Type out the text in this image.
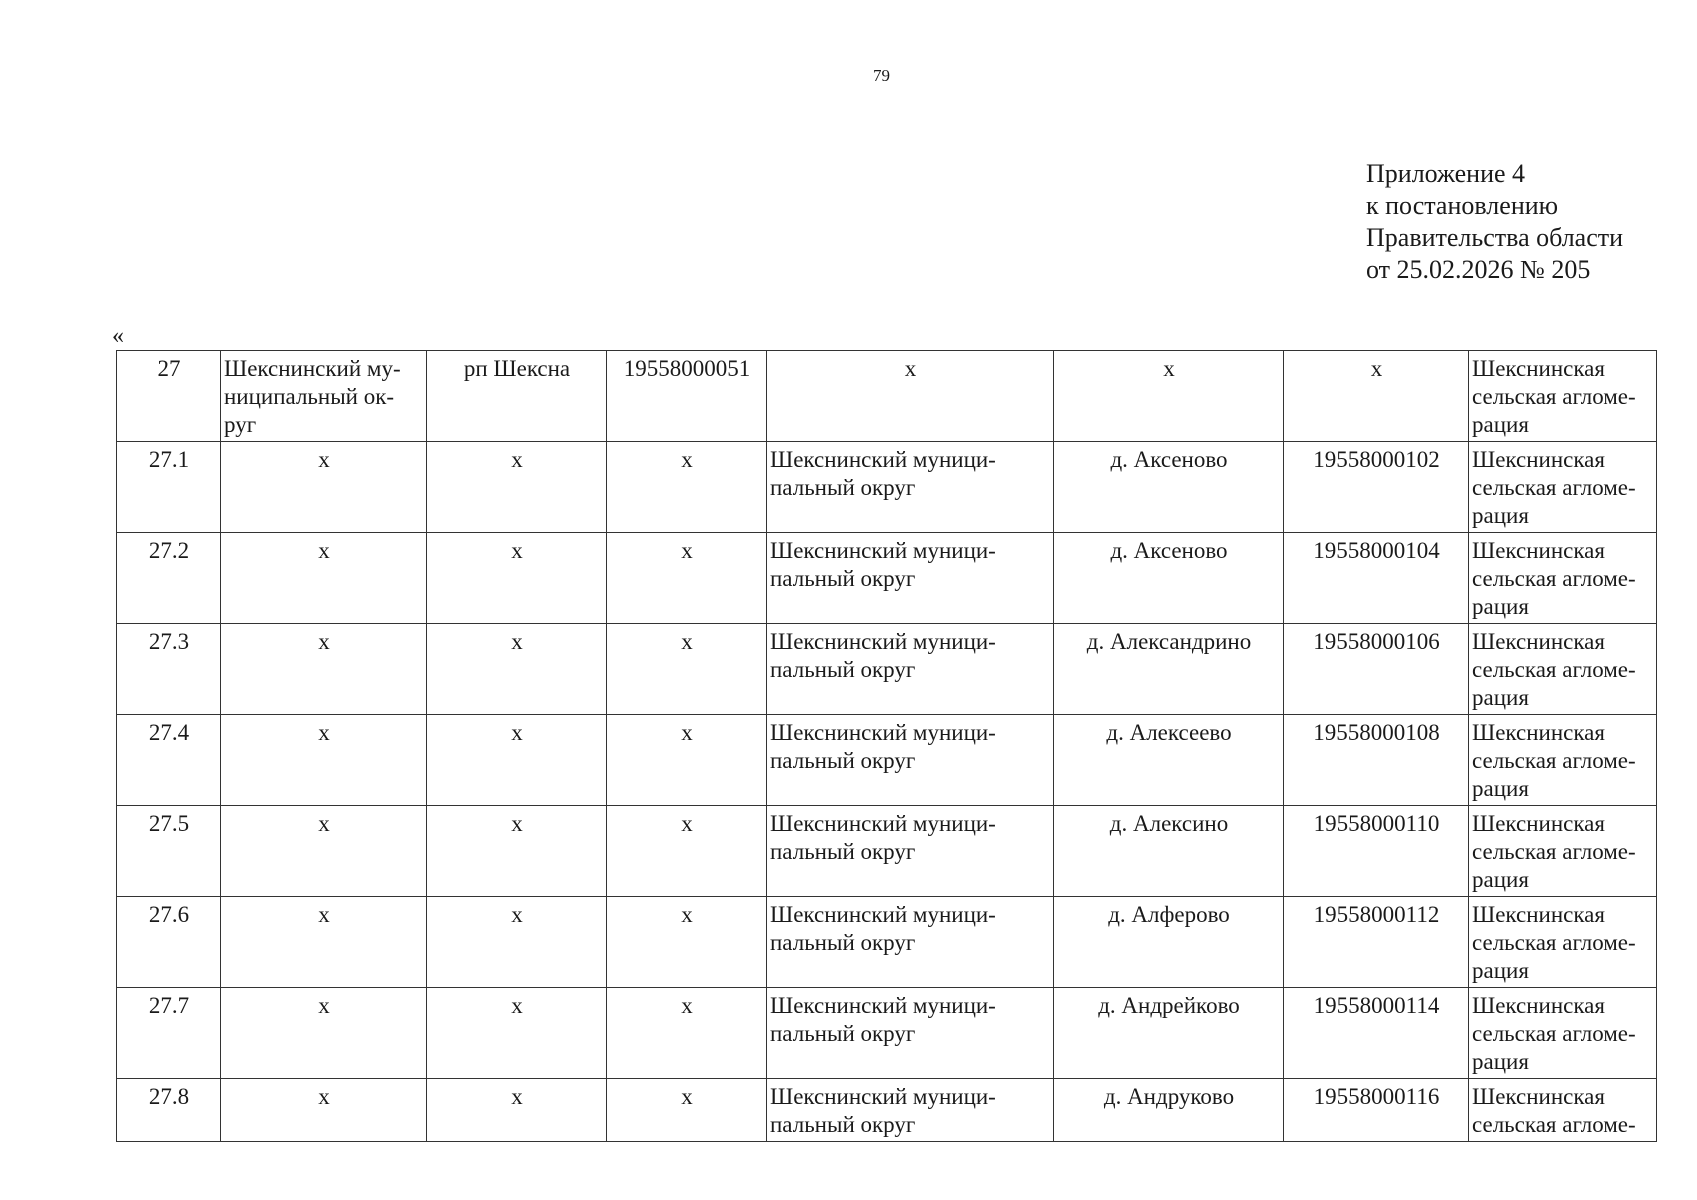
79
Приложение 4
к постановлению
Правительства области
от 25.02.2026 № 205
«
27	Шекснинский му-
ниципальный ок-
руг	рп Шексна	19558000051	x	x	x	Шекснинская
сельская агломе-
рация
27.1	x	x	x	Шекснинский муници-
пальный округ	д. Аксеново	19558000102	Шекснинская
сельская агломе-
рация
27.2	x	x	x	Шекснинский муници-
пальный округ	д. Аксеново	19558000104	Шекснинская
сельская агломе-
рация
27.3	x	x	x	Шекснинский муници-
пальный округ	д. Александрино	19558000106	Шекснинская
сельская агломе-
рация
27.4	x	x	x	Шекснинский муници-
пальный округ	д. Алексеево	19558000108	Шекснинская
сельская агломе-
рация
27.5	x	x	x	Шекснинский муници-
пальный округ	д. Алексино	19558000110	Шекснинская
сельская агломе-
рация
27.6	x	x	x	Шекснинский муници-
пальный округ	д. Алферово	19558000112	Шекснинская
сельская агломе-
рация
27.7	x	x	x	Шекснинский муници-
пальный округ	д. Андрейково	19558000114	Шекснинская
сельская агломе-
рация
27.8	x	x	x	Шекснинский муници-
пальный округ	д. Андруково	19558000116	Шекснинская
сельская агломе-
